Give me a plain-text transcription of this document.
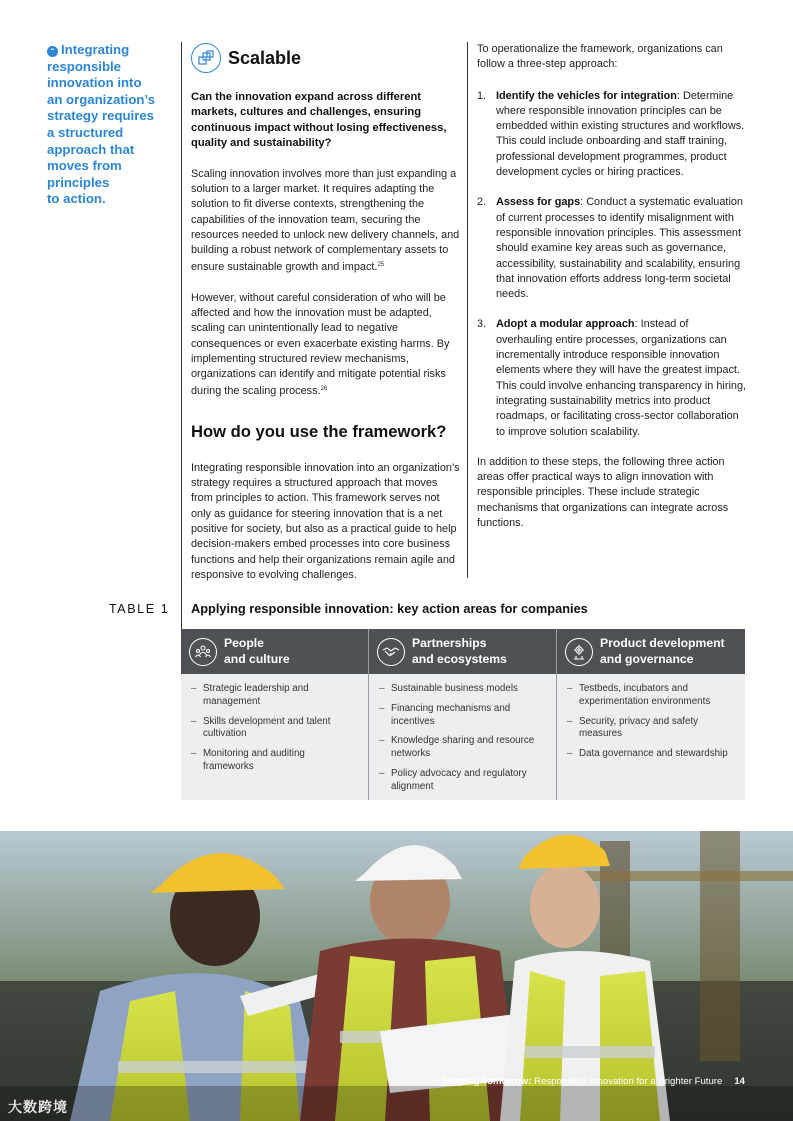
“ Integrating
responsible
innovation into
an organization’s
strategy requires
a structured
approach that
moves from
principles
to action.
Scalable

Can the innovation expand across different markets, cultures and challenges, ensuring continuous impact without losing effectiveness, quality and sustainability?

Scaling innovation involves more than just expanding a solution to a larger market. It requires adapting the solution to fit diverse contexts, strengthening the capabilities of the innovation team, securing the resources needed to unlock new delivery channels, and building a robust network of complementary assets to ensure sustainable growth and impact.$^{25}$

However, without careful consideration of who will be affected and how the innovation must be adapted, scaling can unintentionally lead to negative consequences or even exacerbate existing harms. By implementing structured review mechanisms, organizations can identify and mitigate potential risks during the scaling process.$^{26}$

How do you use the framework?

Integrating responsible innovation into an organization’s strategy requires a structured approach that moves from principles to action. This framework serves not only as guidance for steering innovation that is a net positive for society, but also as a practical guide to help decision-makers embed processes into core business functions and help their organizations remain agile and responsive to evolving challenges.

To operationalize the framework, organizations can follow a three-step approach:

1. Identify the vehicles for integration: Determine where responsible innovation principles can be embedded within existing structures and workflows. This could include onboarding and staff training, professional development programmes, product development cycles or hiring practices.
2. Assess for gaps: Conduct a systematic evaluation of current processes to identify misalignment with responsible innovation principles. This assessment should examine key areas such as governance, accessibility, sustainability and scalability, ensuring that innovation efforts address long-term societal needs.
3. Adopt a modular approach: Instead of overhauling entire processes, organizations can incrementally introduce responsible innovation elements where they will have the greatest impact. This could involve enhancing transparency in hiring, integrating sustainability metrics into product roadmaps, or facilitating cross-sector collaboration to improve solution scalability.

In addition to these steps, the following three action areas offer practical ways to align innovation with responsible principles. These include strategic mechanisms that organizations can integrate across functions.

TABLE 1 Applying responsible innovation: key action areas for companies
People
and culture
– Strategic leadership and management
– Skills development and talent cultivation
– Monitoring and auditing frameworks
Partnerships
and ecosystems
– Sustainable business models
– Financing mechanisms and incentives
– Knowledge sharing and resource networks
– Policy advocacy and regulatory alignment
Product development
and governance
– Testbeds, incubators and experimentation environments
– Security, privacy and safety measures
– Data governance and stewardship
Shaping Tomorrow: Responsible Innovation for a Brighter Future 14
大数跨境
